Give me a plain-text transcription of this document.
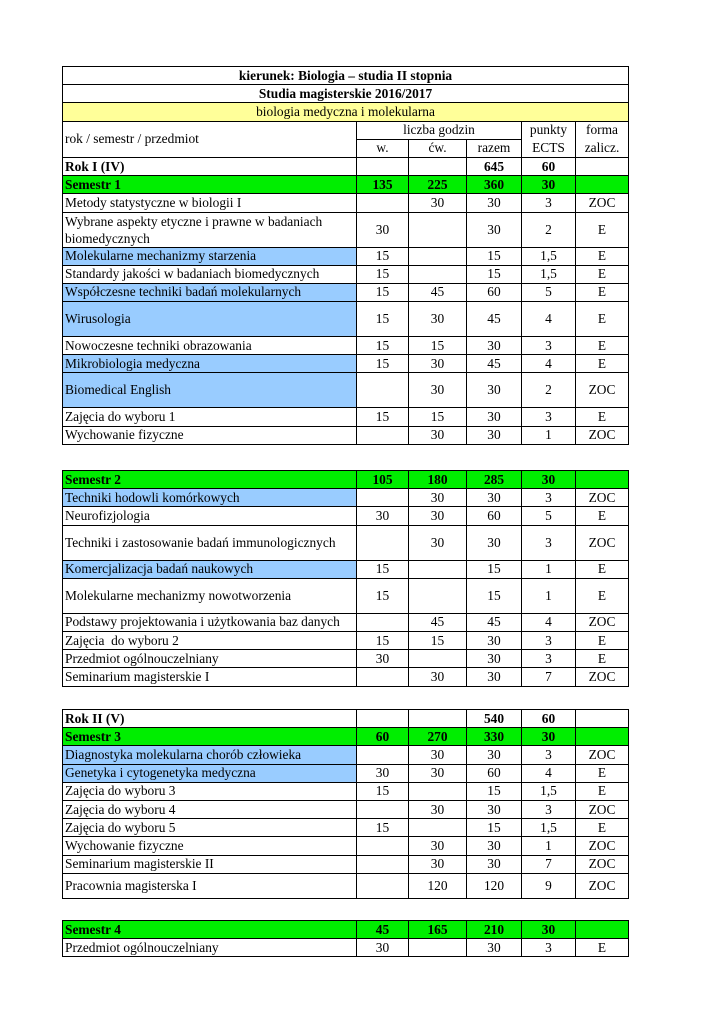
kierunek: Biologia – studia II stopnia					
Studia magisterskie 2016/2017					
biologia medyczna i molekularna					
rok / semestr / przedmiot	liczba godzin			punkty	forma
	w.	ćw.	razem	ECTS	zalicz.
Rok I (IV)			645	60	
Semestr 1	135	225	360	30	
Metody statystyczne w biologii I		30	30	3	ZOC
Wybrane aspekty etyczne i prawne w badaniach biomedycznych	30		30	2	E
Molekularne mechanizmy starzenia	15		15	1,5	E
Standardy jakości w badaniach biomedycznych	15		15	1,5	E
Współczesne techniki badań molekularnych	15	45	60	5	E
Wirusologia	15	30	45	4	E
Nowoczesne techniki obrazowania	15	15	30	3	E
Mikrobiologia medyczna	15	30	45	4	E
Biomedical English		30	30	2	ZOC
Zajęcia do wyboru 1	15	15	30	3	E
Wychowanie fizyczne		30	30	1	ZOC
Semestr 2	105	180	285	30	
Techniki hodowli komórkowych		30	30	3	ZOC
Neurofizjologia	30	30	60	5	E
Techniki i zastosowanie badań immunologicznych		30	30	3	ZOC
Komercjalizacja badań naukowych	15		15	1	E
Molekularne mechanizmy nowotworzenia	15		15	1	E
Podstawy projektowania i użytkowania baz danych		45	45	4	ZOC
Zajęcia  do wyboru 2	15	15	30	3	E
Przedmiot ogólnouczelniany	30		30	3	E
Seminarium magisterskie I		30	30	7	ZOC
Rok II (V)			540	60	
Semestr 3	60	270	330	30	
Diagnostyka molekularna chorób człowieka		30	30	3	ZOC
Genetyka i cytogenetyka medyczna	30	30	60	4	E
Zajęcia do wyboru 3	15		15	1,5	E
Zajęcia do wyboru 4		30	30	3	ZOC
Zajęcia do wyboru 5	15		15	1,5	E
Wychowanie fizyczne		30	30	1	ZOC
Seminarium magisterskie II		30	30	7	ZOC
Pracownia magisterska I		120	120	9	ZOC
Semestr 4	45	165	210	30	
Przedmiot ogólnouczelniany	30		30	3	E
